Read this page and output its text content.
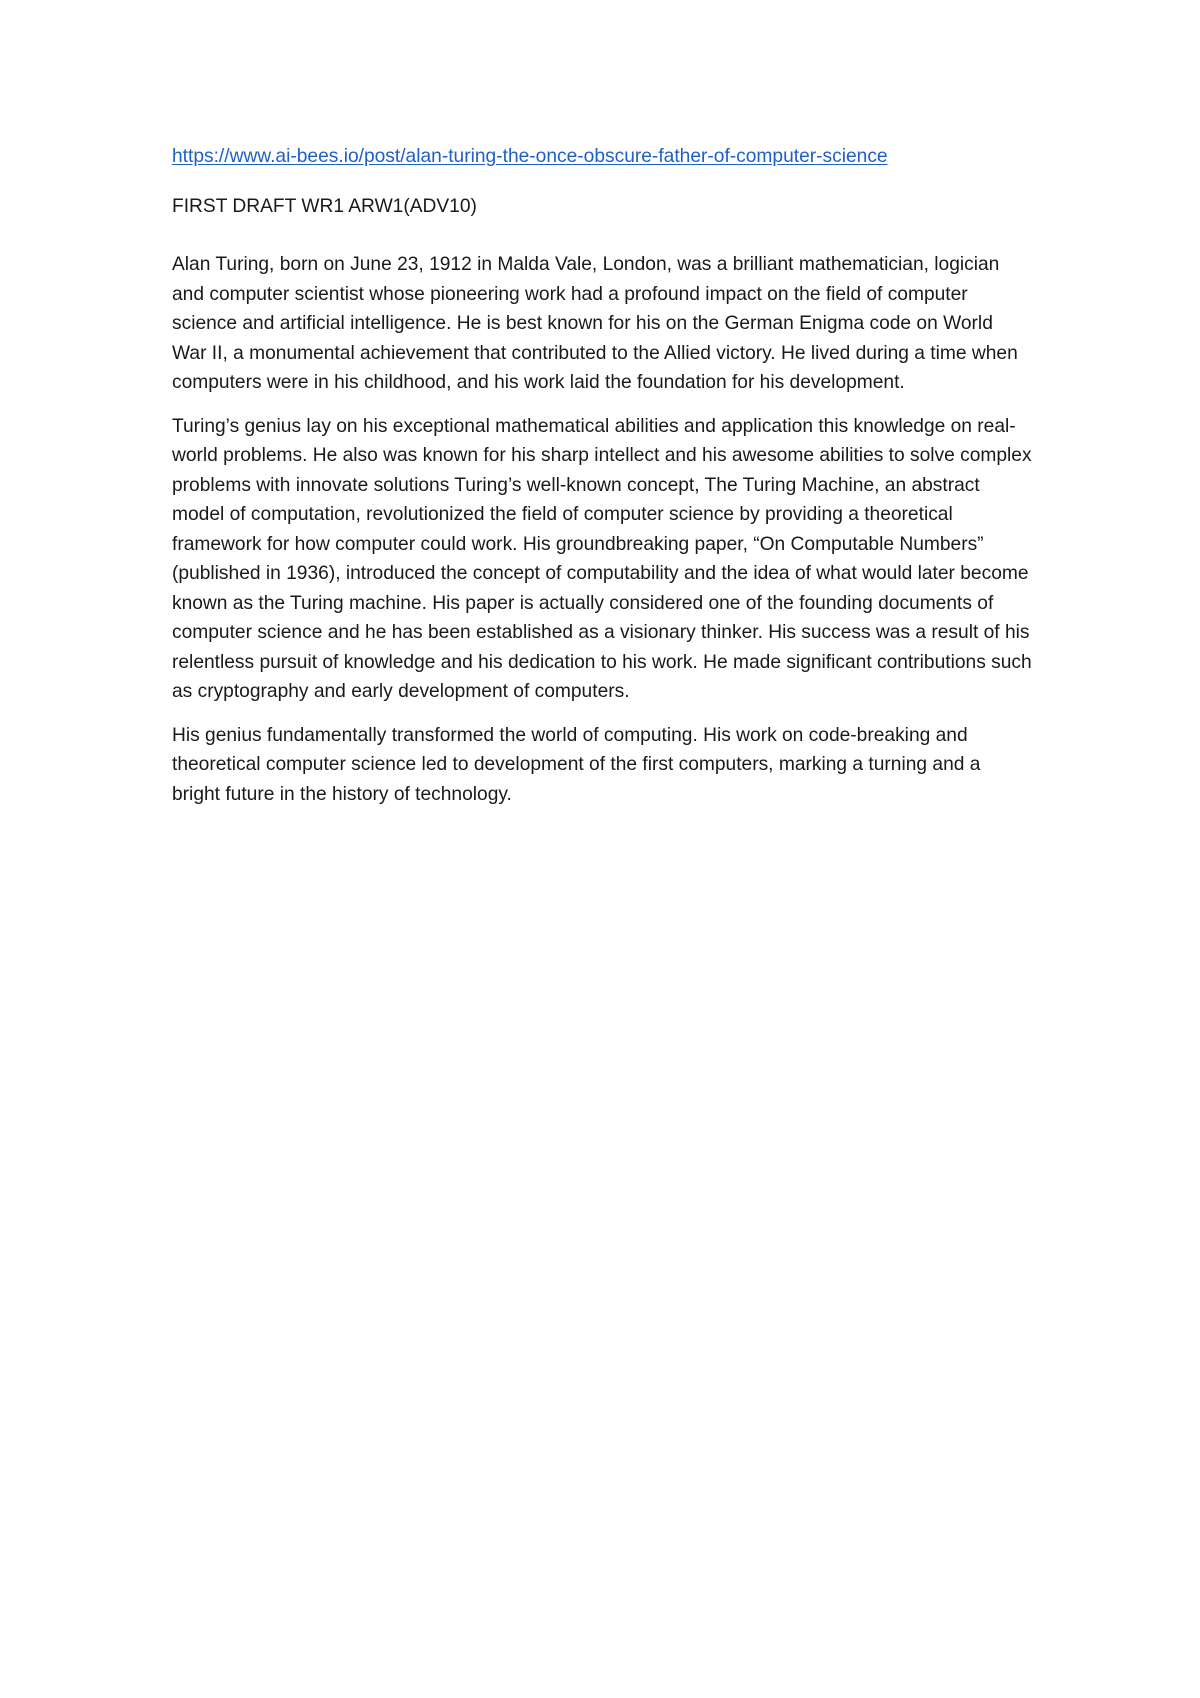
https://www.ai-bees.io/post/alan-turing-the-once-obscure-father-of-computer-science
FIRST DRAFT WR1 ARW1(ADV10)

Alan Turing, born on June 23, 1912 in Malda Vale, London, was a brilliant mathematician, logician and computer scientist whose pioneering work had a profound impact on the field of computer science and artificial intelligence. He is best known for his on the German Enigma code on World War II, a monumental achievement that contributed to the Allied victory. He lived during a time when computers were in his childhood, and his work laid the foundation for his development.

Turing’s genius lay on his exceptional mathematical abilities and application this knowledge on real-world problems. He also was known for his sharp intellect and his awesome abilities to solve complex problems with innovate solutions Turing’s well-known concept, The Turing Machine, an abstract model of computation, revolutionized the field of computer science by providing a theoretical framework for how computer could work. His groundbreaking paper, “On Computable Numbers” (published in 1936), introduced the concept of computability and the idea of what would later become known as the Turing machine. His paper is actually considered one of the founding documents of computer science and he has been established as a visionary thinker. His success was a result of his relentless pursuit of knowledge and his dedication to his work. He made significant contributions such as cryptography and early development of computers.

His genius fundamentally transformed the world of computing. His work on code-breaking and theoretical computer science led to development of the first computers, marking a turning and a bright future in the history of technology.
